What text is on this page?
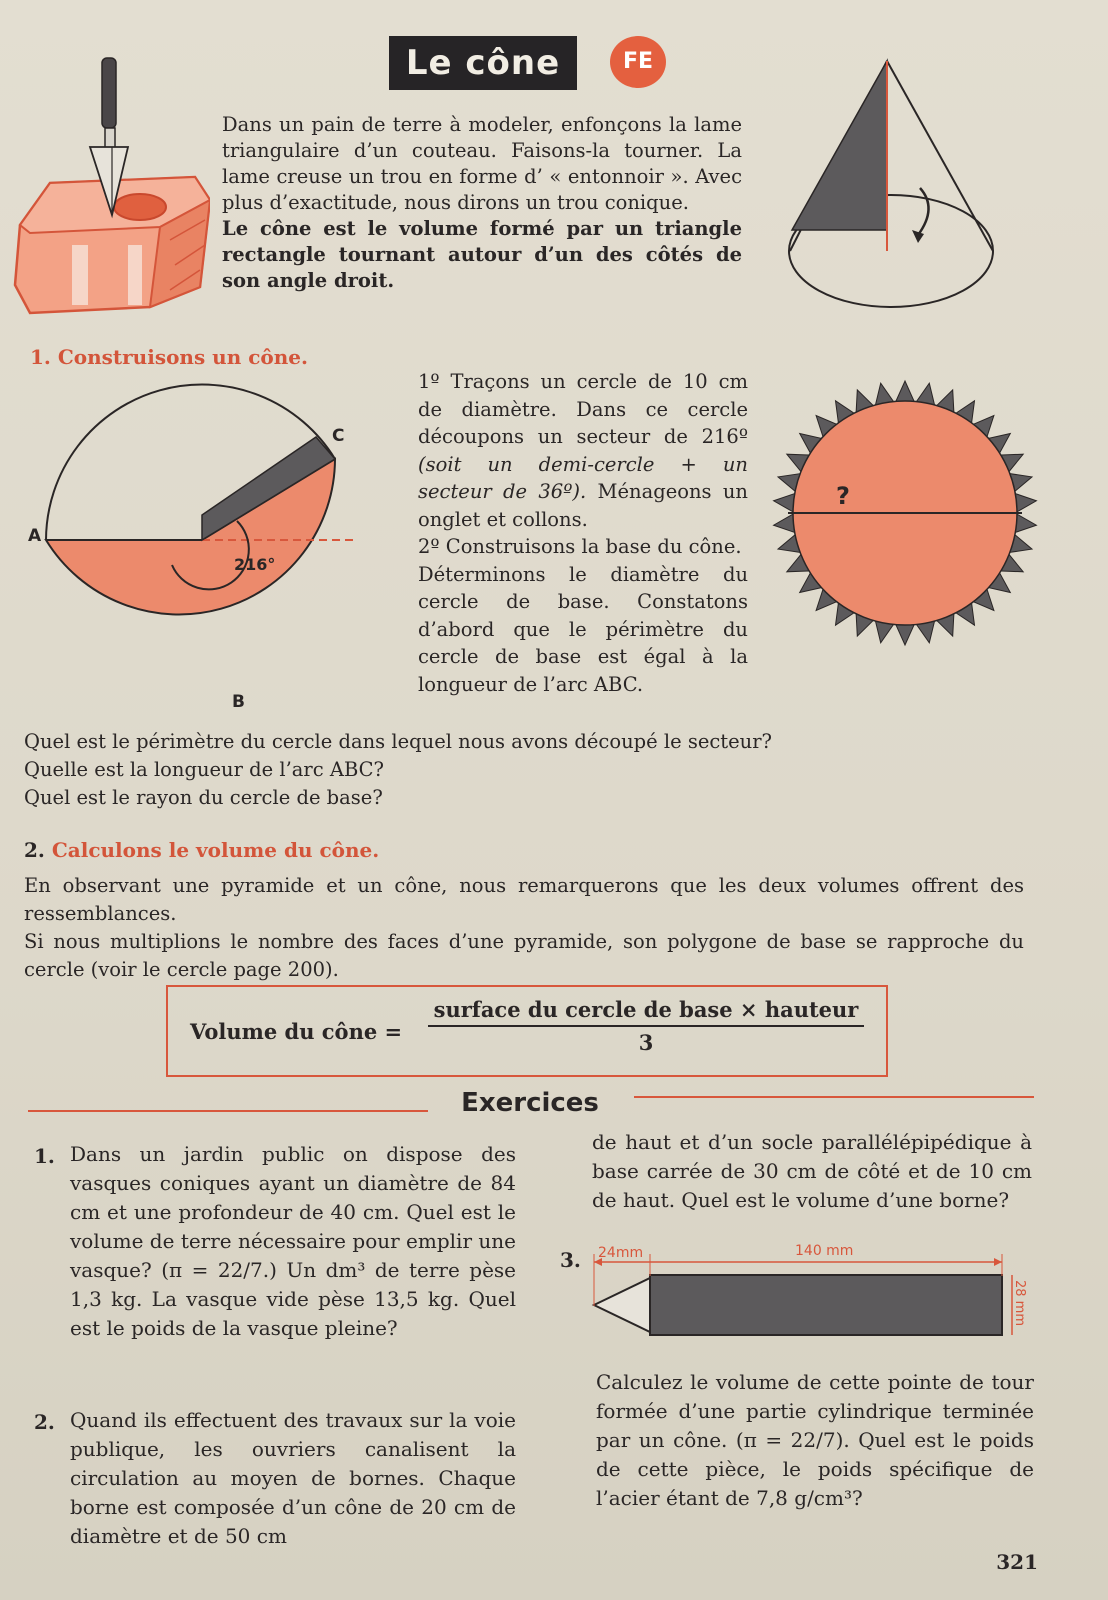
Le cône	FE

Dans un pain de terre à modeler, enfonçons la lame triangulaire d’un couteau. Faisons-la tourner. La lame creuse un trou en forme d’ « entonnoir ». Avec plus d’exactitude, nous dirons un trou conique.

Le cône est le volume formé par un triangle rectangle tournant autour d’un des côtés de son angle droit.

1. Construisons un cône.
A
B
C
216°

1º Traçons un cercle de 10 cm de diamètre. Dans ce cercle découpons un secteur de 216º (soit un demi-cercle + un secteur de 36º). Ménageons un onglet et collons.

2º Construisons la base du cône.

Déterminons le diamètre du cercle de base. Constatons d’abord que le périmètre du cercle de base est égal à la longueur de l’arc ABC.

?

Quel est le périmètre du cercle dans lequel nous avons découpé le secteur?

Quelle est la longueur de l’arc ABC?

Quel est le rayon du cercle de base?

2. Calculons le volume du cône.

En observant une pyramide et un cône, nous remarquerons que les deux volumes offrent des ressemblances.

Si nous multiplions le nombre des faces d’une pyramide, son polygone de base se rapproche du cercle (voir le cercle page 200).

Volume du cône =
surface du cercle de base × hauteur
3
Exercices
1. Dans un jardin public on dispose des vasques coniques ayant un diamètre de 84 cm et une profondeur de 40 cm. Quel est le volume de terre nécessaire pour emplir une vasque? (π = 22/7.) Un dm³ de terre pèse 1,3 kg. La vasque vide pèse 13,5 kg. Quel est le poids de la vasque pleine?

2. Quand ils effectuent des travaux sur la voie publique, les ouvriers canalisent la circulation au moyen de bornes. Chaque borne est composée d’un cône de 20 cm de diamètre et de 50 cm

de haut et d’un socle parallélépipédique à base carrée de 30 cm de côté et de 10 cm de haut. Quel est le volume d’une borne?

3. 24mm	140 mm
28 mm

Calculez le volume de cette pointe de tour formée d’une partie cylindrique terminée par un cône. (π = 22/7). Quel est le poids de cette pièce, le poids spécifique de l’acier étant de 7,8 g/cm³?

321
